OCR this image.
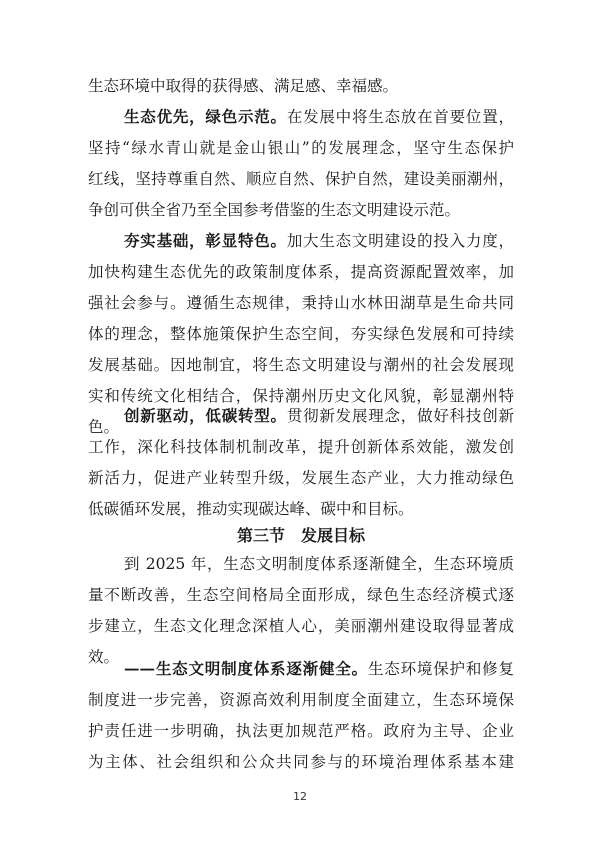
生态环境中取得的获得感、满足感、幸福感。
生态优先，绿色示范。在发展中将生态放在首要位置，
坚持“绿水青山就是金山银山”的发展理念，坚守生态保护
红线，坚持尊重自然、顺应自然、保护自然，建设美丽潮州，
争创可供全省乃至全国参考借鉴的生态文明建设示范。
夯实基础，彰显特色。加大生态文明建设的投入力度，
加快构建生态优先的政策制度体系，提高资源配置效率，加
强社会参与。遵循生态规律，秉持山水林田湖草是生命共同
体的理念，整体施策保护生态空间，夯实绿色发展和可持续
发展基础。因地制宜，将生态文明建设与潮州的社会发展现
实和传统文化相结合，保持潮州历史文化风貌，彰显潮州特
色。
创新驱动，低碳转型。贯彻新发展理念，做好科技创新
工作，深化科技体制机制改革，提升创新体系效能，激发创
新活力，促进产业转型升级，发展生态产业，大力推动绿色
低碳循环发展，推动实现碳达峰、碳中和目标。
第三节　发展目标
到 2025 年，生态文明制度体系逐渐健全，生态环境质
量不断改善，生态空间格局全面形成，绿色生态经济模式逐
步建立，生态文化理念深植人心，美丽潮州建设取得显著成
效。
——生态文明制度体系逐渐健全。生态环境保护和修复
制度进一步完善，资源高效利用制度全面建立，生态环境保
护责任进一步明确，执法更加规范严格。政府为主导、企业
为主体、社会组织和公众共同参与的环境治理体系基本建
12
